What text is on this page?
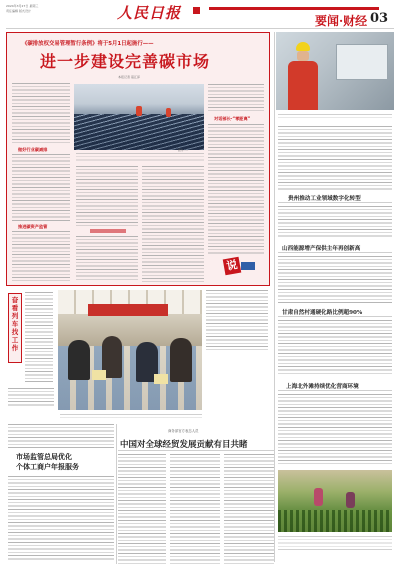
2024年3月27日 星期三
责任编辑 版式设计	人民日报	要闻·财经 03
《碳排放权交易管理暂行条例》将于5月1日起施行——
进一步建设完善碳市场
本报记者 寇江泽
做好行业碳减排
推进碳资产监管
图为……
对话部长·“零距离”
说
贵州推动工业领域数字化转型
山西能源增产保供主年再创新高
甘肃自然村通硬化路比例超90%
上海北外滩持续优化营商环境
奋 看 列 车 找 工 作
市场监管总局优化
个体工商户年报服务
商务部官方表态人员
中国对全球经贸发展贡献有目共睹
